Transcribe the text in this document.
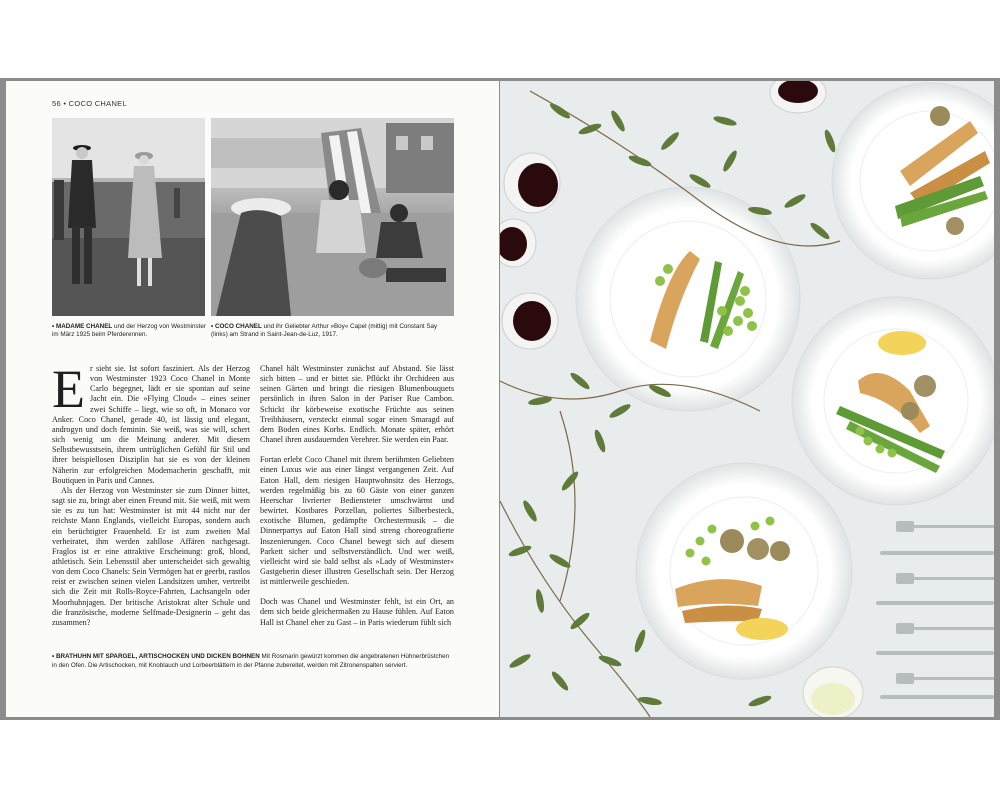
56 • COCO CHANEL
• MADAME CHANEL und der Herzog von Westminster im März 1925 beim Pferderennen.
• COCO CHANEL und ihr Geliebter Arthur »Boy« Capel (mittig) mit Constant Say (links) am Strand in Saint-Jean-de-Luz, 1917.

Er sieht sie. Ist sofort fasziniert. Als der Herzog von Westminster 1923 Coco Chanel in Monte Carlo begegnet, lädt er sie spontan auf seine Jacht ein. Die »Flying Cloud« – eines seiner zwei Schiffe – liegt, wie so oft, in Monaco vor Anker. Coco Chanel, gerade 40, ist lässig und elegant, androgyn und doch feminin. Sie weiß, was sie will, schert sich wenig um die Meinung anderer. Mit diesem Selbstbewusstsein, ihrem untrüglichen Gefühl für Stil und ihrer beispiellosen Disziplin hat sie es von der kleinen Näherin zur erfolgreichen Modemacherin geschafft, mit Boutiquen in Paris und Cannes.

Als der Herzog von Westminster sie zum Dinner bittet, sagt sie zu, bringt aber einen Freund mit. Sie weiß, mit wem sie es zu tun hat: Westminster ist mit 44 nicht nur der reichste Mann Englands, vielleicht Europas, sondern auch ein berüchtigter Frauenheld. Er ist zum zweiten Mal verheiratet, ihm werden zahllose Affären nachgesagt. Fraglos ist er eine attraktive Erscheinung: groß, blond, athletisch. Sein Lebensstil aber unterscheidet sich gewaltig von dem Coco Chanels: Sein Vermögen hat er geerbt, rastlos reist er zwischen seinen vielen Landsitzen umher, vertreibt sich die Zeit mit Rolls-Royce-Fahrten, Lachsangeln oder Moorhuhnjagen. Der britische Aristokrat alter Schule und die französische, moderne Selfmade-Designerin – geht das zusammen?

Chanel hält Westminster zunächst auf Abstand. Sie lässt sich bitten – und er bittet sie. Pflückt ihr Orchideen aus seinen Gärten und bringt die riesigen Blumenbouquets persönlich in ihren Salon in der Pariser Rue Cambon. Schickt ihr körbeweise exotische Früchte aus seinen Treibhäusern, versteckt einmal sogar einen Smaragd auf dem Boden eines Korbs. Endlich. Monate später, erhört Chanel ihren ausdauernden Verehrer. Sie werden ein Paar.

Fortan erlebt Coco Chanel mit ihrem berühmten Geliebten einen Luxus wie aus einer längst vergangenen Zeit. Auf Eaton Hall, dem riesigen Hauptwohnsitz des Herzogs, werden regelmäßig bis zu 60 Gäste von einer ganzen Heerschar livrierter Bediensteter umschwärmt und bewirtet. Kostbares Porzellan, poliertes Silberbesteck, exotische Blumen, gedämpfte Orchestermusik – die Dinnerpartys auf Eaton Hall sind streng choreografierte Inszenierungen. Coco Chanel bewegt sich auf diesem Parkett sicher und selbstverständlich. Und wer weiß, vielleicht wird sie bald selbst als »Lady of Westminster« Gastgeberin dieser illustren Gesellschaft sein. Der Herzog ist mittlerweile geschieden.

Doch was Chanel und Westminster fehlt, ist ein Ort, an dem sich beide gleichermaßen zu Hause fühlen. Auf Eaton Hall ist Chanel eher zu Gast – in Paris wiederum fühlt sich

• BRATHUHN MIT SPARGEL, ARTISCHOCKEN UND DICKEN BOHNEN Mit Rosmarin gewürzt kommen die angebratenen Hühnerbrüstchen in den Ofen. Die Artischocken, mit Knoblauch und Lorbeerblättern in der Pfanne zubereitet, werden mit Zitronenspalten serviert.
